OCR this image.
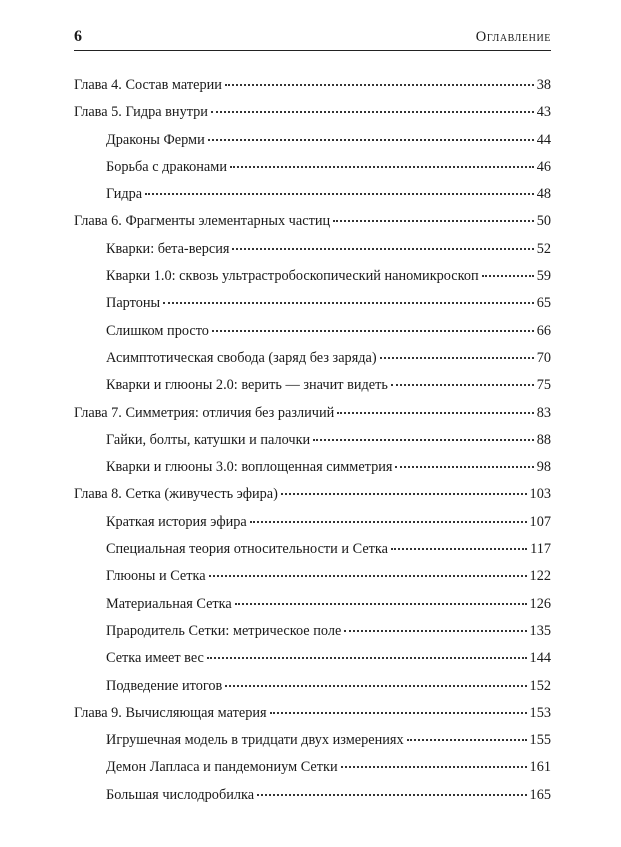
6	Оглавление
Глава 4. Состав материи	38
Глава 5. Гидра внутри	43
Драконы Ферми	44
Борьба с драконами	46
Гидра	48
Глава 6. Фрагменты элементарных частиц	50
Кварки: бета-версия	52
Кварки 1.0: сквозь ультрастробоскопический наномикроскоп	59
Партоны	65
Слишком просто	66
Асимптотическая свобода (заряд без заряда)	70
Кварки и глюоны 2.0: верить — значит видеть	75
Глава 7. Симметрия: отличия без различий	83
Гайки, болты, катушки и палочки	88
Кварки и глюоны 3.0: воплощенная симметрия	98
Глава 8. Сетка (живучесть эфира)	103
Краткая история эфира	107
Специальная теория относительности и Сетка	117
Глюоны и Сетка	122
Материальная Сетка	126
Прародитель Сетки: метрическое поле	135
Сетка имеет вес	144
Подведение итогов	152
Глава 9. Вычисляющая материя	153
Игрушечная модель в тридцати двух измерениях	155
Демон Лапласа и пандемониум Сетки	161
Большая числодробилка	165
